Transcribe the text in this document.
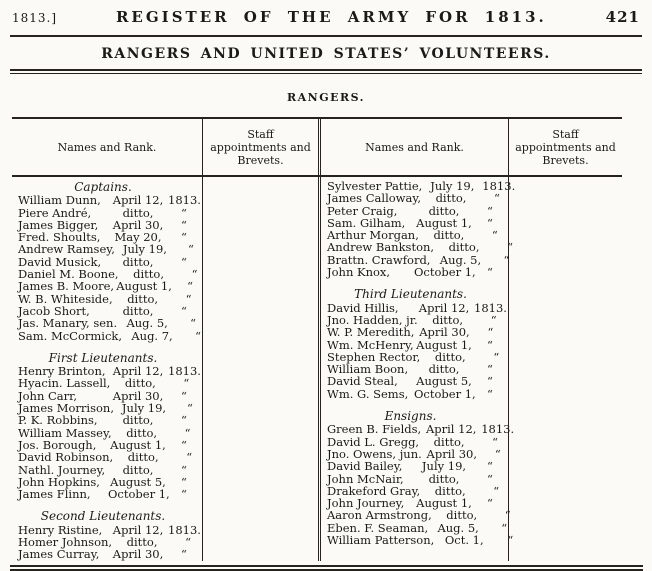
1813.]	REGISTER OF THE ARMY FOR 1813.	421
RANGERS AND UNITED STATES’ VOLUNTEERS.
RANGERS.
Names and Rank.
Staff appointments and Brevets.
Names and Rank.
Staff appointments and Brevets.
Captains.
William Dunn,	April 12, 1813.
Piere André,	ditto,	“
James Bigger,	April 30,	“
Fred. Shoults,	May 20,	“
Andrew Ramsey, July 19,	“
David Musick,	ditto,	“
Daniel M. Boone,	ditto,	“
James B. Moore, August 1,	“
W. B. Whiteside,	ditto,	“
Jacob Short,	ditto,	“
Jas. Manary, sen. Aug. 5,	“
Sam. McCormick, Aug. 7,	“
First Lieutenants.
Henry Brinton, April 12, 1813.
Hyacin. Lassell,	ditto,	“
John Carr,	April 30,	“
James Morrison, July 19,	“
P. K. Robbins,	ditto,	“
William Massey,	ditto,	“
Jos. Borough,	August 1,	“
David Robinson,	ditto,	“
Nathl. Journey,	ditto,	“
John Hopkins, August 5,	“
James Flinn,	October 1, “
Second Lieutenants.
Henry Ristine, April 12, 1813.
Homer Johnson,	ditto,	“
James Curray,	April 30,	“
Sylvester Pattie, July 19, 1813.
James Calloway,	ditto,	“
Peter Craig,	ditto,	“
Sam. Gilham, August 1,	“
Arthur Morgan,	ditto,	“
Andrew Bankston,	ditto,	“
Brattn. Crawford, Aug. 5,	“
John Knox,	October 1, “
Third Lieutenants.
David Hillis,	April 12, 1813.
Jno. Hadden, jr.	ditto,	“
W. P. Meredith, April 30,	“
Wm. McHenry, August 1,	“
Stephen Rector,	ditto,	“
William Boon,	ditto,	“
David Steal,	August 5,	“
Wm. G. Sems, October 1, “
Ensigns.
Green B. Fields, April 12, 1813.
David L. Gregg,	ditto,	“
Jno. Owens, jun. April 30,	“
David Bailey,	July 19,	“
John McNair,	ditto,	“
Drakeford Gray,	ditto,	“
John Journey,	August 1,	“
Aaron Armstrong,	ditto,	“
Eben. F. Seaman, Aug. 5,	“
William Patterson, Oct. 1,	“
